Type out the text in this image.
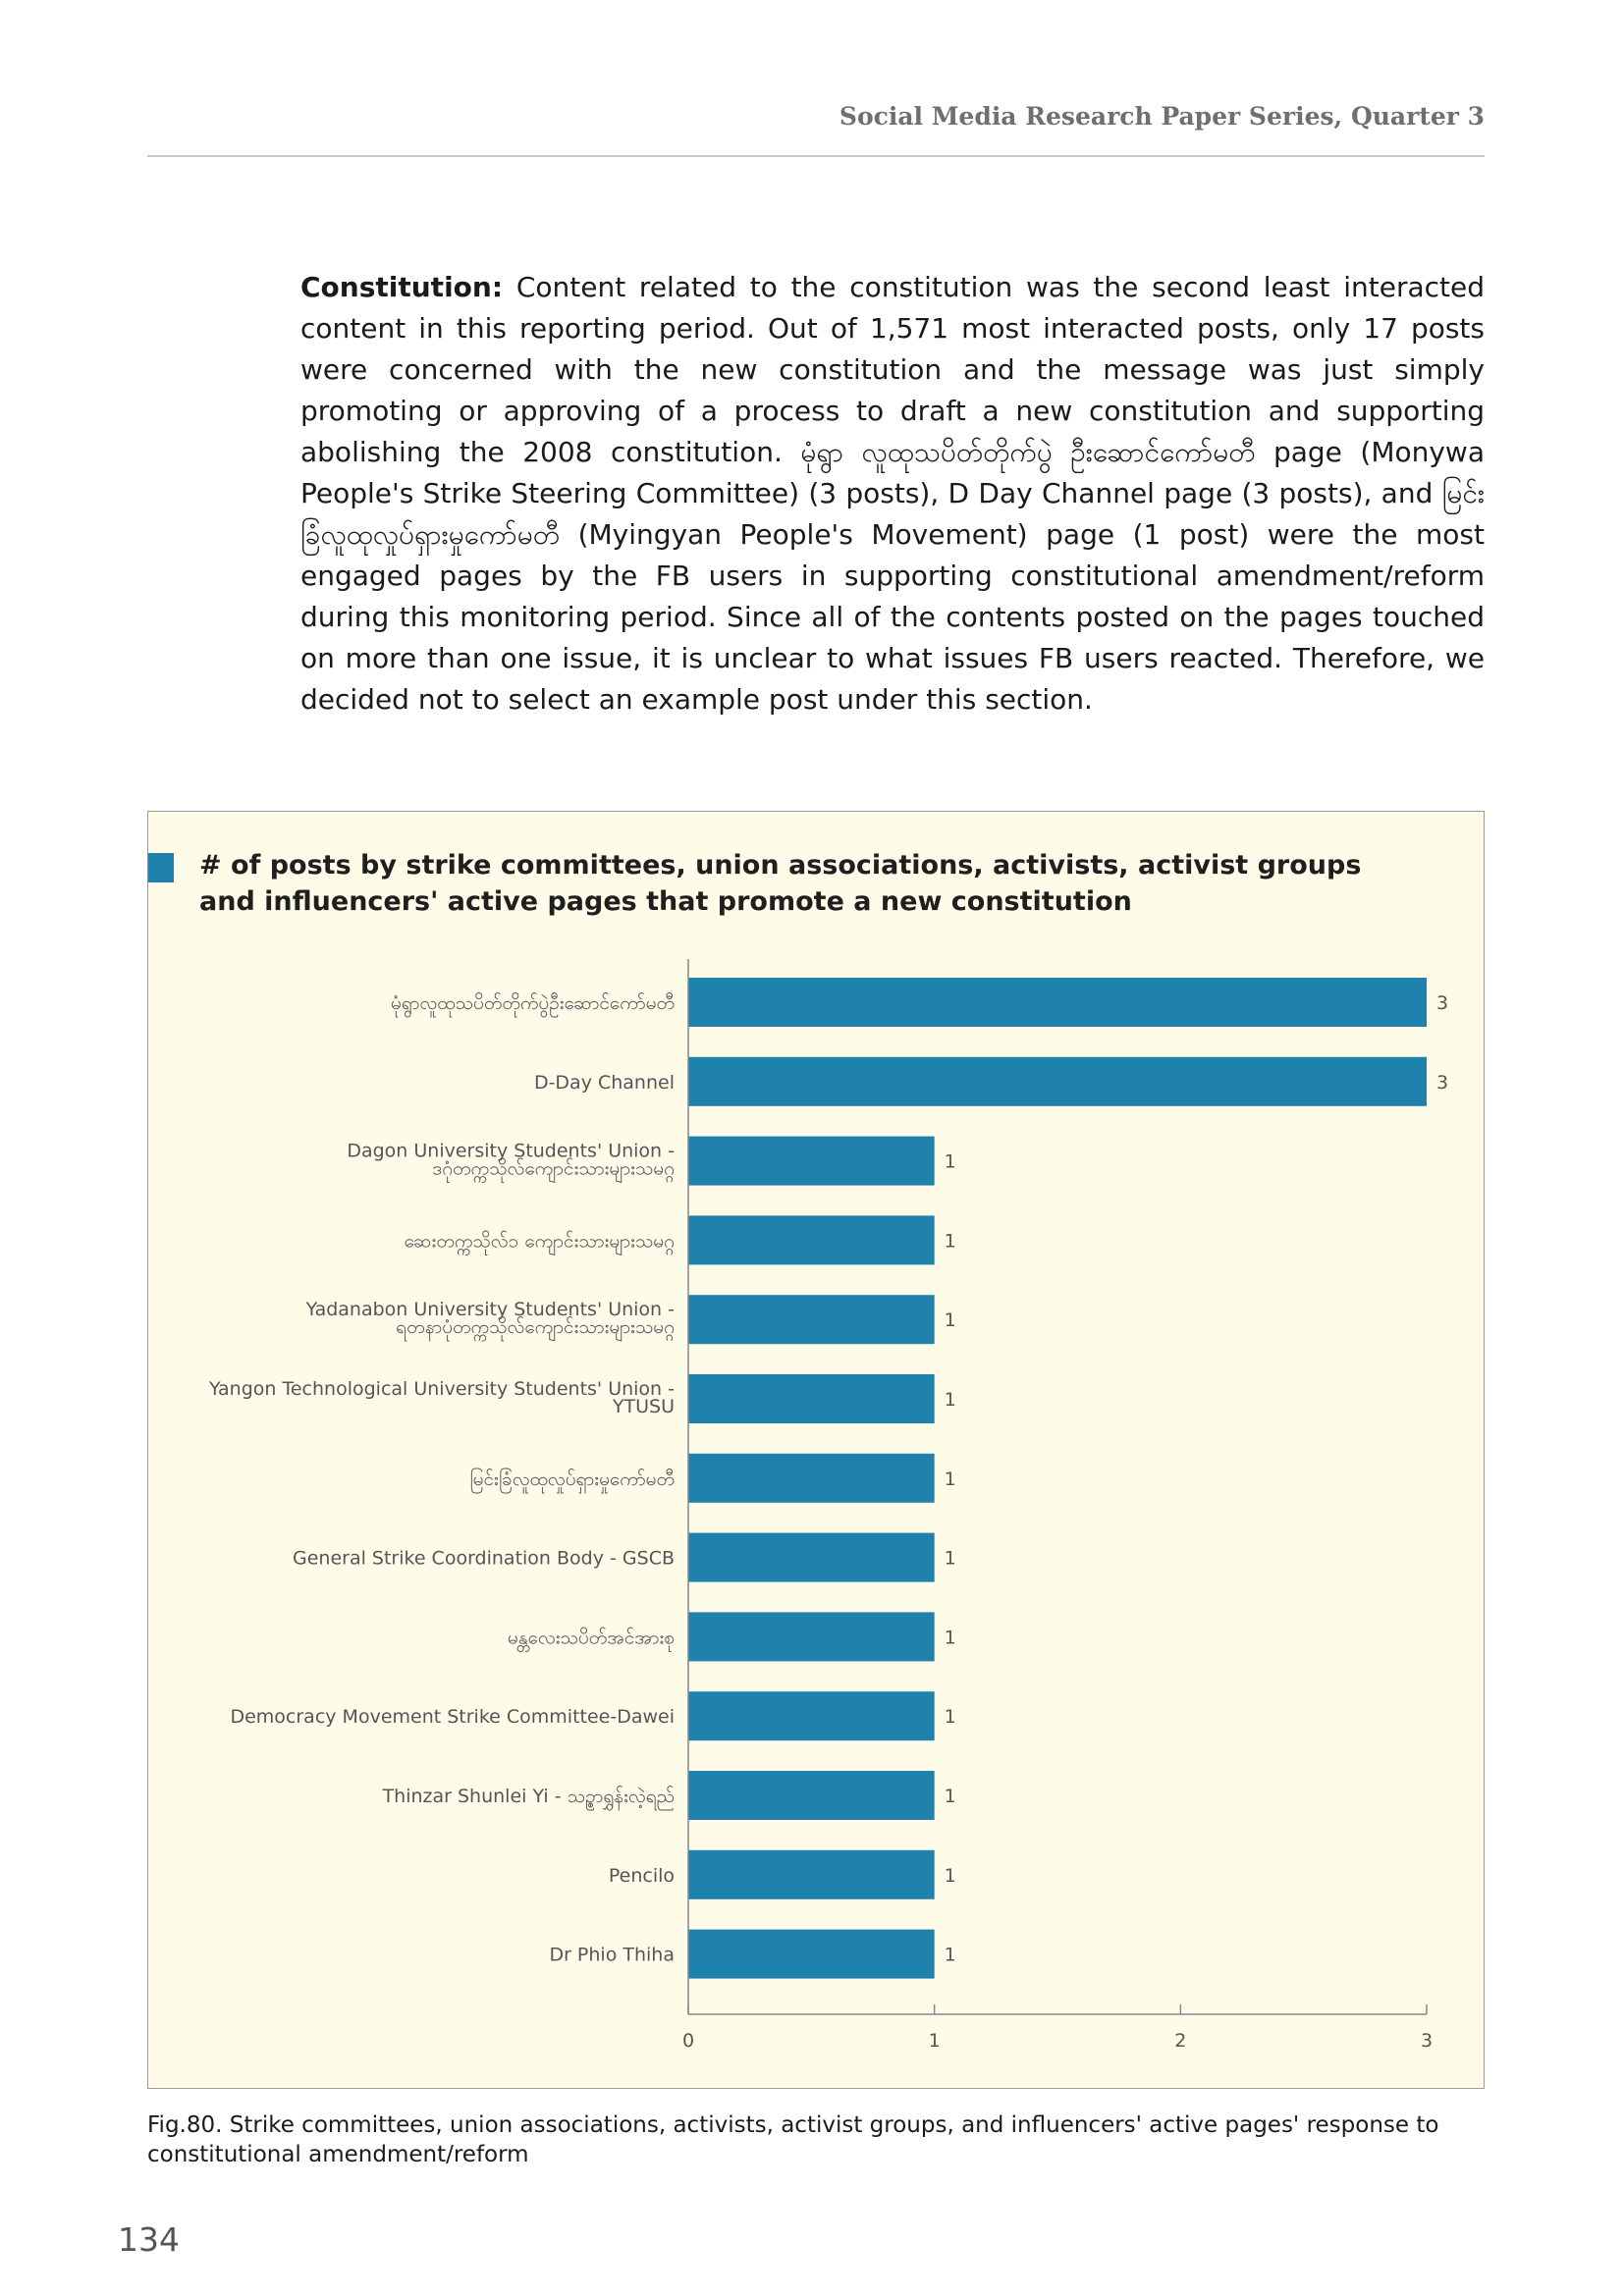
Social Media Research Paper Series, Quarter 3
Constitution: Content related to the constitution was the second least interacted content in this reporting period. Out of 1,571 most interacted posts, only 17 posts were concerned with the new constitution and the message was just simply promoting or approving of a process to draft a new constitution and supporting abolishing the 2008 constitution. မုံရွာ လူထုသပိတ်တိုက်ပွဲ ဦးဆောင်ကော်မတီ page (Monywa People's Strike Steering Committee) (3 posts), D Day Channel page (3 posts), and မြင်းခြံလူထုလှုပ်ရှားမှုကော်မတီ (Myingyan People's Movement) page (1 post) were the most engaged pages by the FB users in supporting constitutional amendment/reform during this monitoring period. Since all of the contents posted on the pages touched on more than one issue, it is unclear to what issues FB users reacted. Therefore, we decided not to select an example post under this section.
# of posts by strike committees, union associations, activists, activist groups and influencers' active pages that promote a new constitution
3
မုံရွာလူထုသပိတ်တိုက်ပွဲဦးဆောင်ကော်မတီ
3
D-Day Channel
1
Dagon University Students' Union -ဒဂုံတက္ကသိုလ်ကျောင်းသားများသမဂ္ဂ
1
ဆေးတက္ကသိုလ်၁ ကျောင်းသားများသမဂ္ဂ
1
Yadanabon University Students' Union -ရတနာပုံတက္ကသိုလ်ကျောင်းသားများသမဂ္ဂ
1
Yangon Technological University Students' Union -YTUSU
1
မြင်းခြံလူထုလှုပ်ရှားမှုကော်မတီ
1
General Strike Coordination Body - GSCB
1
မန္တလေးသပိတ်အင်အားစု
1
Democracy Movement Strike Committee-Dawei
1
Thinzar Shunlei Yi - သဉ္စာရွှန်းလဲ့ရည်
1
Pencilo
1
Dr Phio Thiha
0	1	2	3
Fig.80. Strike committees, union associations, activists, activist groups, and influencers' active pages' response to constitutional amendment/reform
134
